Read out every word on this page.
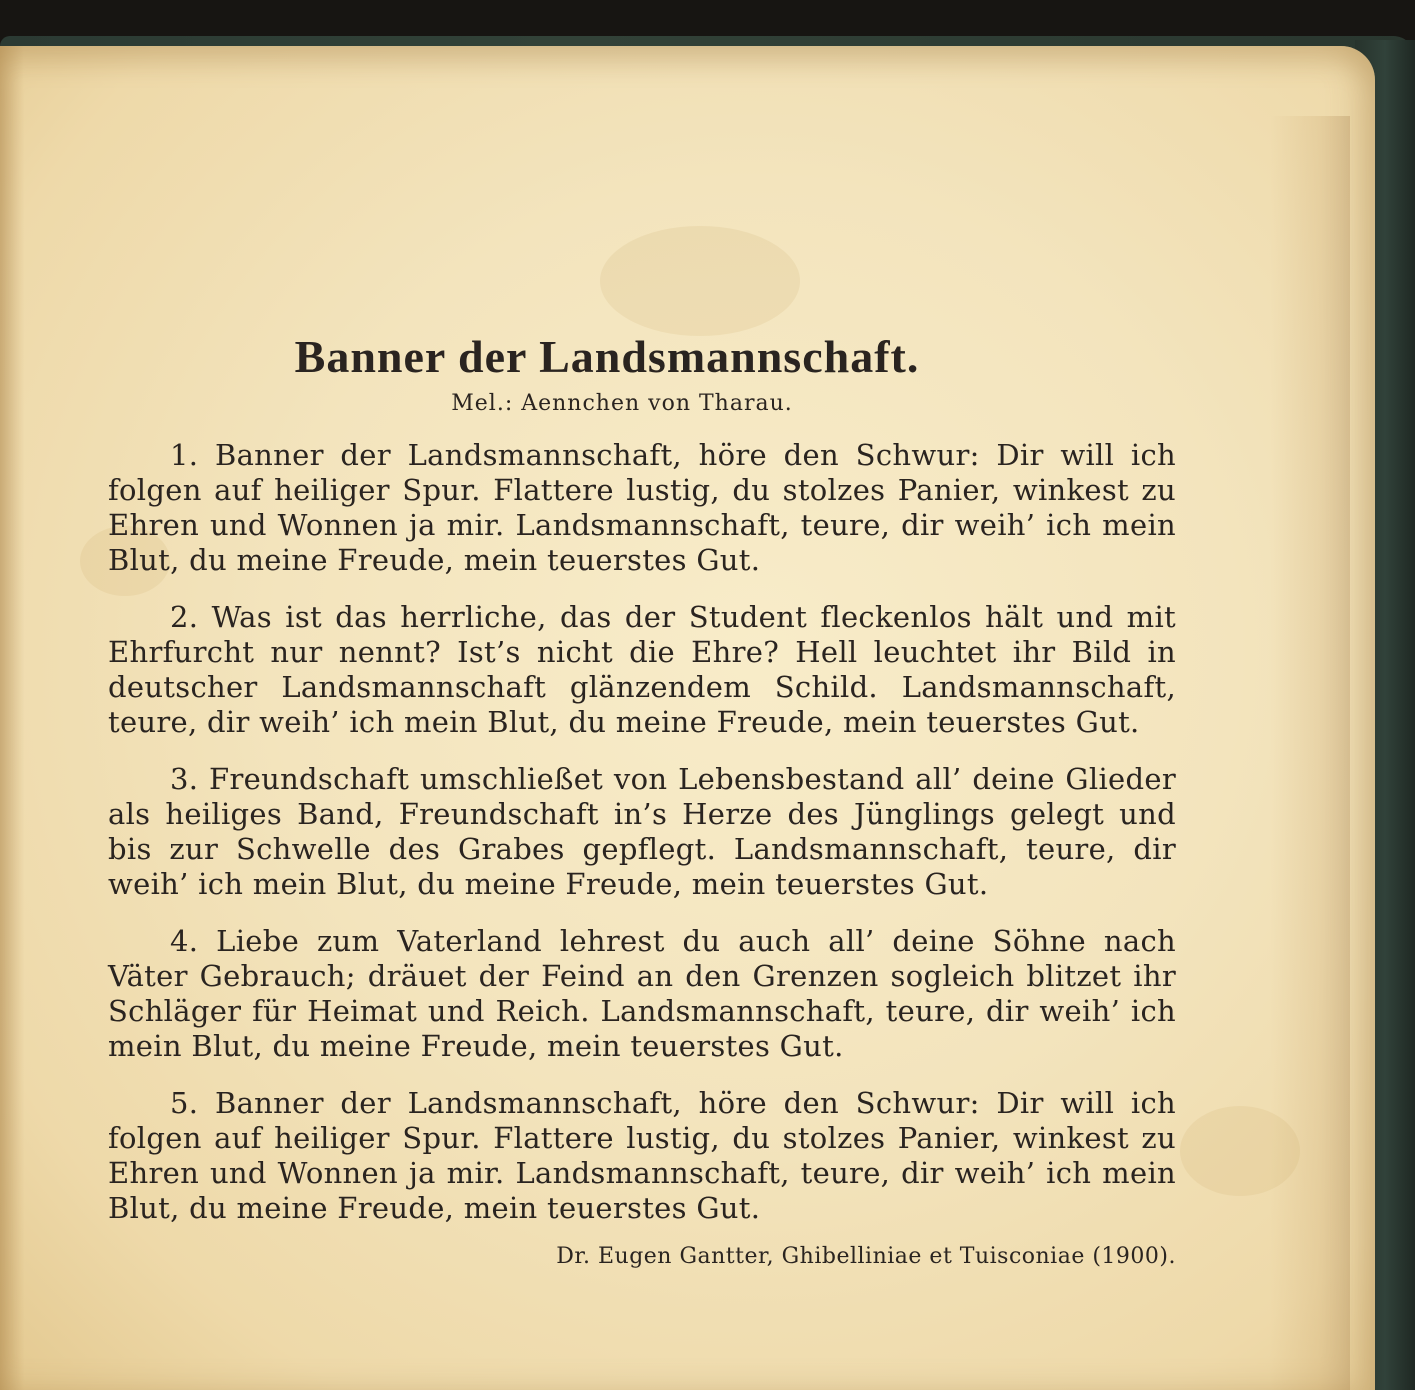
Banner der Landsmannschaft.
Mel.: Aennchen von Tharau.

1. Banner der Landsmannschaft, höre den Schwur: Dir will ich folgen auf heiliger Spur. Flattere lustig, du stolzes Panier, winkest zu Ehren und Wonnen ja mir. Landsmannschaft, teure, dir weih’ ich mein Blut, du meine Freude, mein teuerstes Gut.

2. Was ist das herrliche, das der Student fleckenlos hält und mit Ehrfurcht nur nennt? Ist’s nicht die Ehre? Hell leuchtet ihr Bild in deutscher Landsmannschaft glänzendem Schild. Landsmannschaft, teure, dir weih’ ich mein Blut, du meine Freude, mein teuerstes Gut.

3. Freundschaft umschließet von Lebensbestand all’ deine Glieder als heiliges Band, Freundschaft in’s Herze des Jünglings gelegt und bis zur Schwelle des Grabes gepflegt. Landsmannschaft, teure, dir weih’ ich mein Blut, du meine Freude, mein teuerstes Gut.

4. Liebe zum Vaterland lehrest du auch all’ deine Söhne nach Väter Gebrauch; dräuet der Feind an den Grenzen sogleich blitzet ihr Schläger für Heimat und Reich. Landsmannschaft, teure, dir weih’ ich mein Blut, du meine Freude, mein teuerstes Gut.

5. Banner der Landsmannschaft, höre den Schwur: Dir will ich folgen auf heiliger Spur. Flattere lustig, du stolzes Panier, winkest zu Ehren und Wonnen ja mir. Landsmannschaft, teure, dir weih’ ich mein Blut, du meine Freude, mein teuerstes Gut.

Dr. Eugen Gantter, Ghibelliniae et Tuisconiae (1900).
